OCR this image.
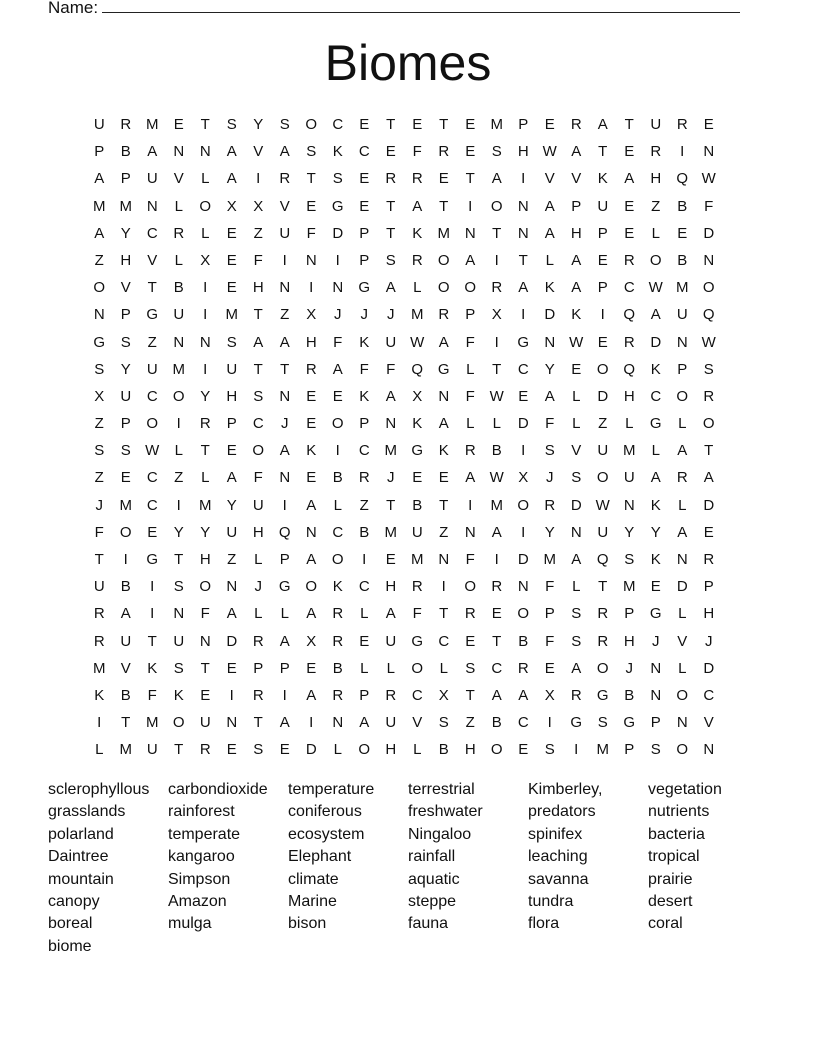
Name:
Biomes
U	R M	E	T	S	Y	S	O	C	E	T	E	T	E	M	P	E	R	A	T	U	R	E
P	B	A	N	N	A	V	A	S	K	C	E	F	R	E	S	H W A	T	E	R	I	N
A	P	U	V	L	A	I	R	T	S	E	R	R	E	T	A	I	V	V	K	A	H	Q W
M M N	L	O	X	X	V	E	G	E	T	A	T	I	O	N	A	P	U	E	Z	B	F
A	Y	C	R	L	E	Z	U	F	D	P	T	K	M N	T	N	A	H	P	E	L	E	D
Z	H	V	L	X	E	F	I	N	I	P	S	R	O	A	I	T	L	A	E	R	O	B	N
O	V	T	B	I	E	H	N	I	N	G	A	L	O O	R	A	K	A	P	C W M O
N	P	G	U	I	M	T	Z	X	J	J	J	M R	P	X	I	D	K	I	Q	A	U	Q
G	S	Z	N	N	S	A	A	H	F	K	U W A	F	I	G	N W E	R	D	N W
S	Y	U M	I	U	T	T	R	A	F	F	Q G	L	T	C	Y	E	O Q	K	P	S
X	U	C	O	Y	H	S	N	E	E	K	A	X	N	F W E	A	L	D	H	C	O	R
Z	P	O	I	R	P	C	J	E	O	P	N	K	A	L	L	D	F	L	Z	L	G	L	O
S	S W	L	T	E	O	A	K	I	C M G	K	R	B	I	S	V	U M	L	A	T
Z	E	C	Z	L	A	F	N	E	B	R	J	E	E	A W X	J	S	O	U	A	R	A
J	M C	I	M	Y	U	I	A	L	Z	T	B	T	I	M O	R	D W N	K	L	D
F	O	E	Y	Y	U	H	Q	N	C	B	M U	Z	N	A	I	Y	N	U	Y	Y	A	E
T	I	G	T	H	Z	L	P	A	O	I	E	M N	F	I	D M	A	Q	S	K	N	R
U	B	I	S	O	N	J	G O	K	C	H	R	I	O	R	N	F	L	T	M	E	D	P
R	A	I	N	F	A	L	L	A	R	L	A	F	T	R	E	O	P	S	R	P	G	L	H
R	U	T	U	N	D	R	A	X	R	E	U	G	C	E	T	B	F	S	R	H	J	V	J
M	V	K	S	T	E	P	P	E	B	L	L	O	L	S	C	R	E	A	O	J	N	L	D
K	B	F	K	E	I	R	I	A	R	P	R	C	X	T	A	A	X	R	G	B	N	O	C
I	T	M O	U	N	T	A	I	N	A	U	V	S	Z	B	C	I	G	S	G	P	N	V
L	M U	T	R	E	S	E	D	L	O	H	L	B	H	O	E	S	I	M	P	S	O	N
sclerophyllous	carbondioxide	temperature	terrestrial	Kimberley,	vegetation
grasslands	rainforest	coniferous	freshwater	predators	nutrients
polarland	temperate	ecosystem	Ningaloo	spinifex	bacteria
Daintree	kangaroo	Elephant	rainfall	leaching	tropical
mountain	Simpson	climate	aquatic	savanna	prairie
canopy	Amazon	Marine	steppe	tundra	desert
boreal	mulga	bison	fauna	flora	coral
biome
